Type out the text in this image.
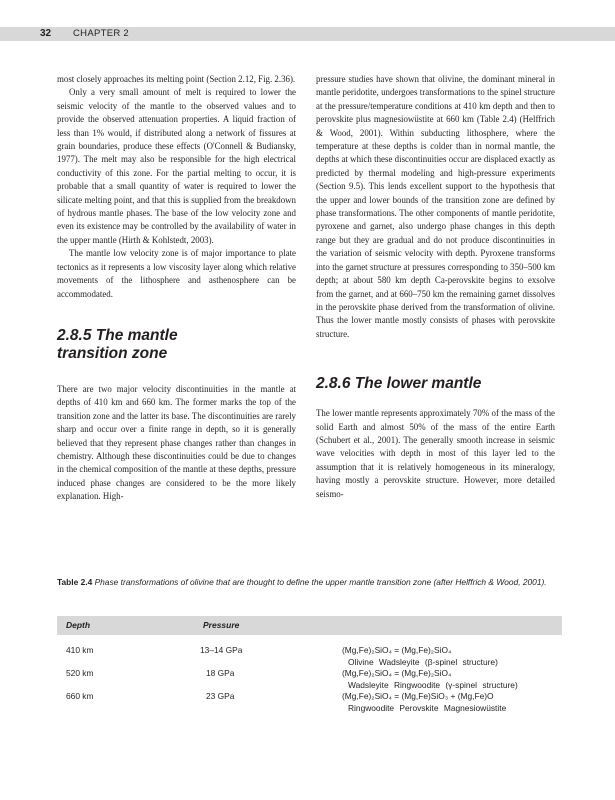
32 CHAPTER 2

most closely approaches its melting point (Section 2.12, Fig. 2.36).

Only a very small amount of melt is required to lower the seismic velocity of the mantle to the observed values and to provide the observed attenuation properties. A liquid fraction of less than 1% would, if distributed along a network of fissures at grain boundaries, produce these effects (O'Connell & Budiansky, 1977). The melt may also be responsible for the high electrical conductivity of this zone. For the partial melting to occur, it is probable that a small quantity of water is required to lower the silicate melting point, and that this is supplied from the breakdown of hydrous mantle phases. The base of the low velocity zone and even its existence may be controlled by the availability of water in the upper mantle (Hirth & Kohlstedt, 2003).

The mantle low velocity zone is of major importance to plate tectonics as it represents a low viscosity layer along which relative movements of the lithosphere and asthenosphere can be accommodated.

2.8.5 The mantle
transition zone

There are two major velocity discontinuities in the mantle at depths of 410 km and 660 km. The former marks the top of the transition zone and the latter its base. The discontinuities are rarely sharp and occur over a finite range in depth, so it is generally believed that they represent phase changes rather than changes in chemistry. Although these discontinuities could be due to changes in the chemical composition of the mantle at these depths, pressure induced phase changes are considered to be the more likely explanation. High-

pressure studies have shown that olivine, the dominant mineral in mantle peridotite, undergoes transformations to the spinel structure at the pressure/temperature conditions at 410 km depth and then to perovskite plus magnesiowüstite at 660 km (Table 2.4) (Helffrich & Wood, 2001). Within subducting lithosphere, where the temperature at these depths is colder than in normal mantle, the depths at which these discontinuities occur are displaced exactly as predicted by thermal modeling and high-pressure experiments (Section 9.5). This lends excellent support to the hypothesis that the upper and lower bounds of the transition zone are defined by phase transformations. The other components of mantle peridotite, pyroxene and garnet, also undergo phase changes in this depth range but they are gradual and do not produce discontinuities in the variation of seismic velocity with depth. Pyroxene transforms into the garnet structure at pressures corresponding to 350–500 km depth; at about 580 km depth Ca-perovskite begins to exsolve from the garnet, and at 660–750 km the remaining garnet dissolves in the perovskite phase derived from the transformation of olivine. Thus the lower mantle mostly consists of phases with perovskite structure.

2.8.6 The lower mantle

The lower mantle represents approximately 70% of the mass of the solid Earth and almost 50% of the mass of the entire Earth (Schubert et al., 2001). The generally smooth increase in seismic wave velocities with depth in most of this layer led to the assumption that it is relatively homogeneous in its mineralogy, having mostly a perovskite structure. However, more detailed seismo-

Table 2.4 Phase transformations of olivine that are thought to define the upper mantle transition zone (after Helffrich & Wood, 2001).
Depth	Pressure
410 km	13–14 GPa	(Mg,Fe)₂SiO₄ = (Mg,Fe)₂SiO₄
Olivine Wadsleyite (β-spinel structure)
520 km	18 GPa	(Mg,Fe)₂SiO₄ = (Mg,Fe)₂SiO₄
Wadsleyite Ringwoodite (γ-spinel structure)
660 km	23 GPa	(Mg,Fe)₂SiO₄ = (Mg,Fe)SiO₃ + (Mg,Fe)O
Ringwoodite Perovskite Magnesiowüstite
